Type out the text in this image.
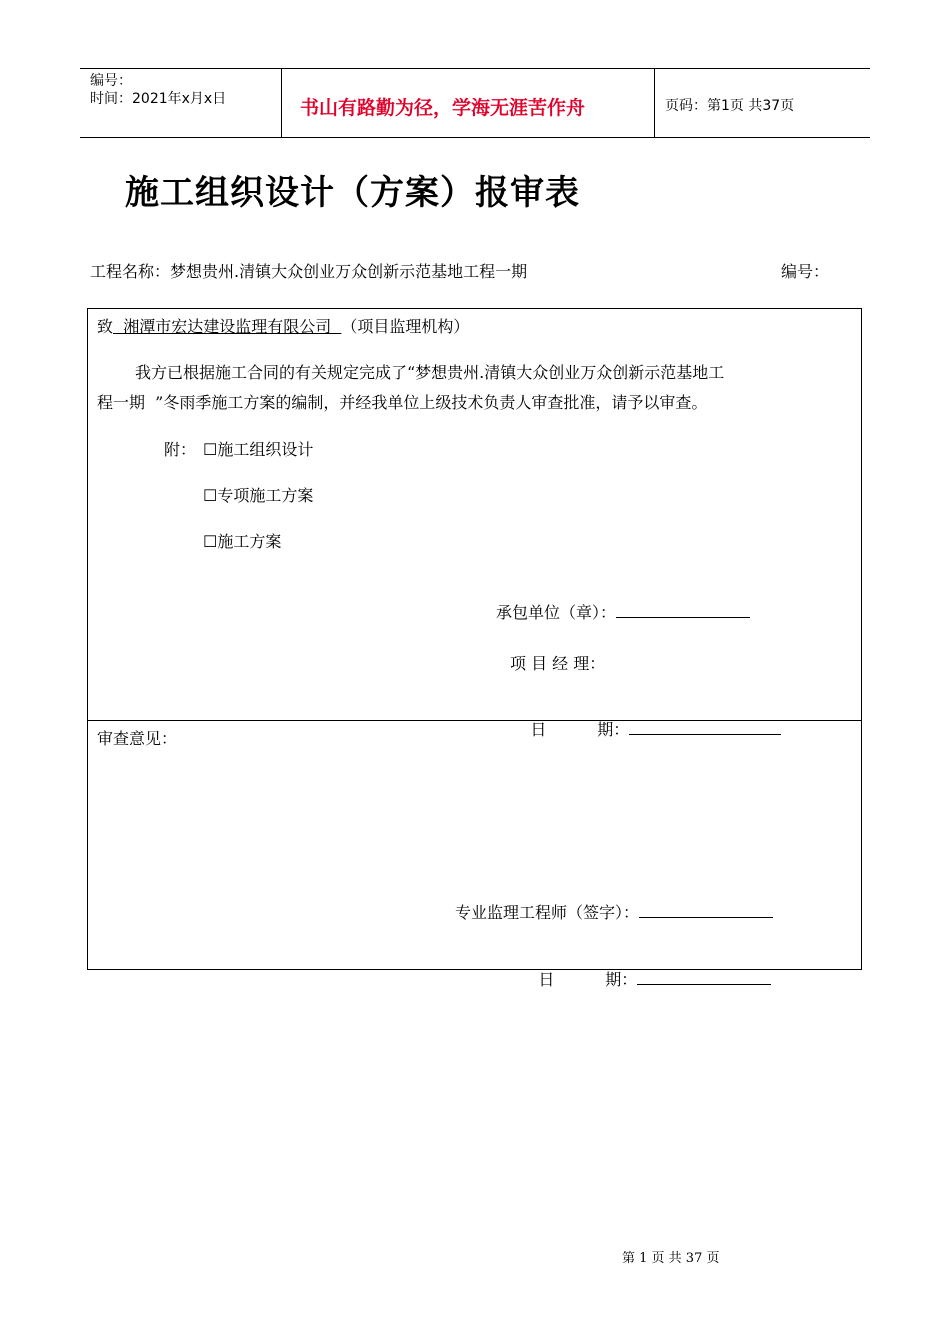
编号：
时间：2021年x月x日	书山有路勤为径，学海无涯苦作舟	页码：第1页 共37页
施工组织设计（方案）报审表
工程名称：梦想贵州.清镇大众创业万众创新示范基地工程一期	编号：
致  湘潭市宏达建设监理有限公司  （项目监理机构）
我方已根据施工合同的有关规定完成了“梦想贵州.清镇大众创业万众创新示范基地工
程一期  ”冬雨季施工方案的编制，并经我单位上级技术负责人审查批准，请予以审查。
附： ☐施工组织设计
☐专项施工方案
☐施工方案
承包单位（章）：
项 目 经 理：

日          期：

审查意见：
专业监理工程师（签字）：

日          期：

第 1 页 共 37 页
